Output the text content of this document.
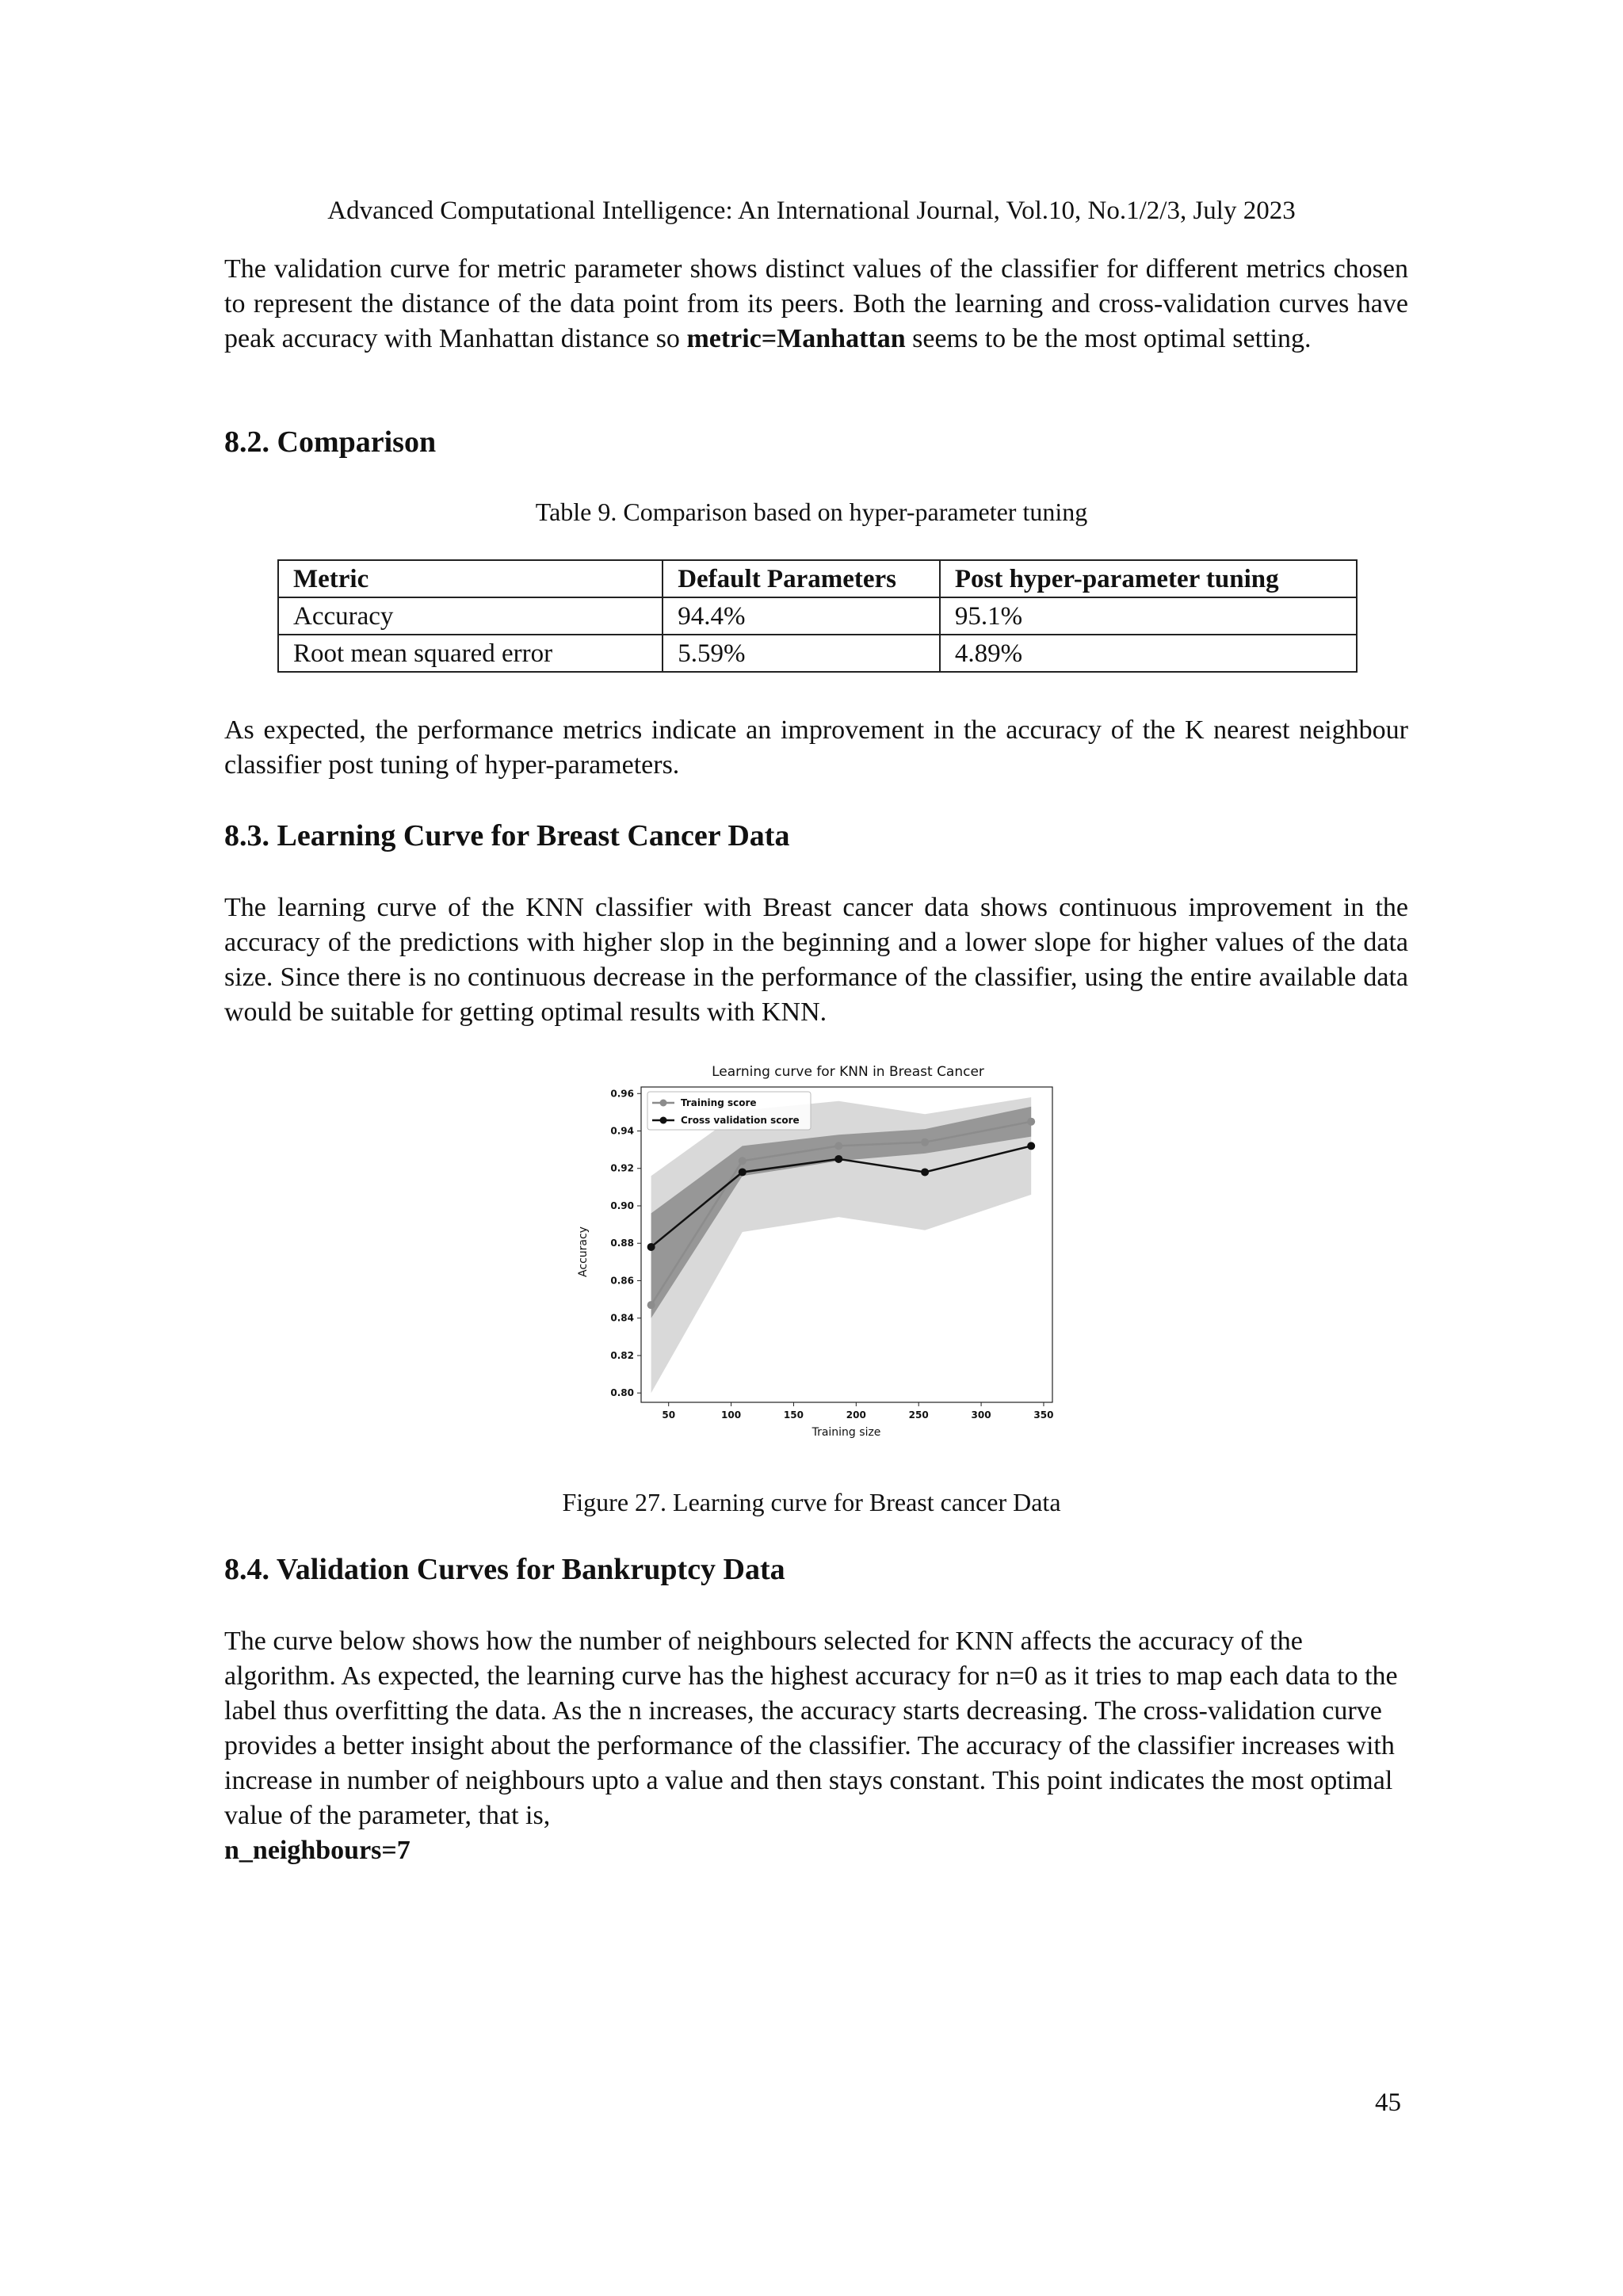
Advanced Computational Intelligence: An International Journal, Vol.10, No.1/2/3, July 2023

The validation curve for metric parameter shows distinct values of the classifier for different metrics chosen to represent the distance of the data point from its peers. Both the learning and cross-validation curves have peak accuracy with Manhattan distance so metric=Manhattan seems to be the most optimal setting.

8.2. Comparison
Table 9. Comparison based on hyper-parameter tuning
Metric	Default Parameters	Post hyper-parameter tuning
Accuracy	94.4%	95.1%
Root mean squared error	5.59%	4.89%

As expected, the performance metrics indicate an improvement in the accuracy of the K nearest neighbour classifier post tuning of hyper-parameters.

8.3. Learning Curve for Breast Cancer Data

The learning curve of the KNN classifier with Breast cancer data shows continuous improvement in the accuracy of the predictions with higher slop in the beginning and a lower slope for higher values of the data size. Since there is no continuous decrease in the performance of the classifier, using the entire available data would be suitable for getting optimal results with KNN.

Accuracy
Training size
0.80
0.82
0.84
0.86
0.88
0.90
0.92
0.94
0.96
50	100	150	200	250	300	350
Training score
Cross validation score
Learning curve for KNN in Breast Cancer
Figure 27. Learning curve for Breast cancer Data
8.4. Validation Curves for Bankruptcy Data

The curve below shows how the number of neighbours selected for KNN affects the accuracy of the algorithm. As expected, the learning curve has the highest accuracy for n=0 as it tries to map each data to the label thus overfitting the data. As the n increases, the accuracy starts decreasing. The cross-validation curve provides a better insight about the performance of the classifier. The accuracy of the classifier increases with increase in number of neighbours upto a value and then stays constant. This point indicates the most optimal value of the parameter, that is,
n_neighbours=7

45
